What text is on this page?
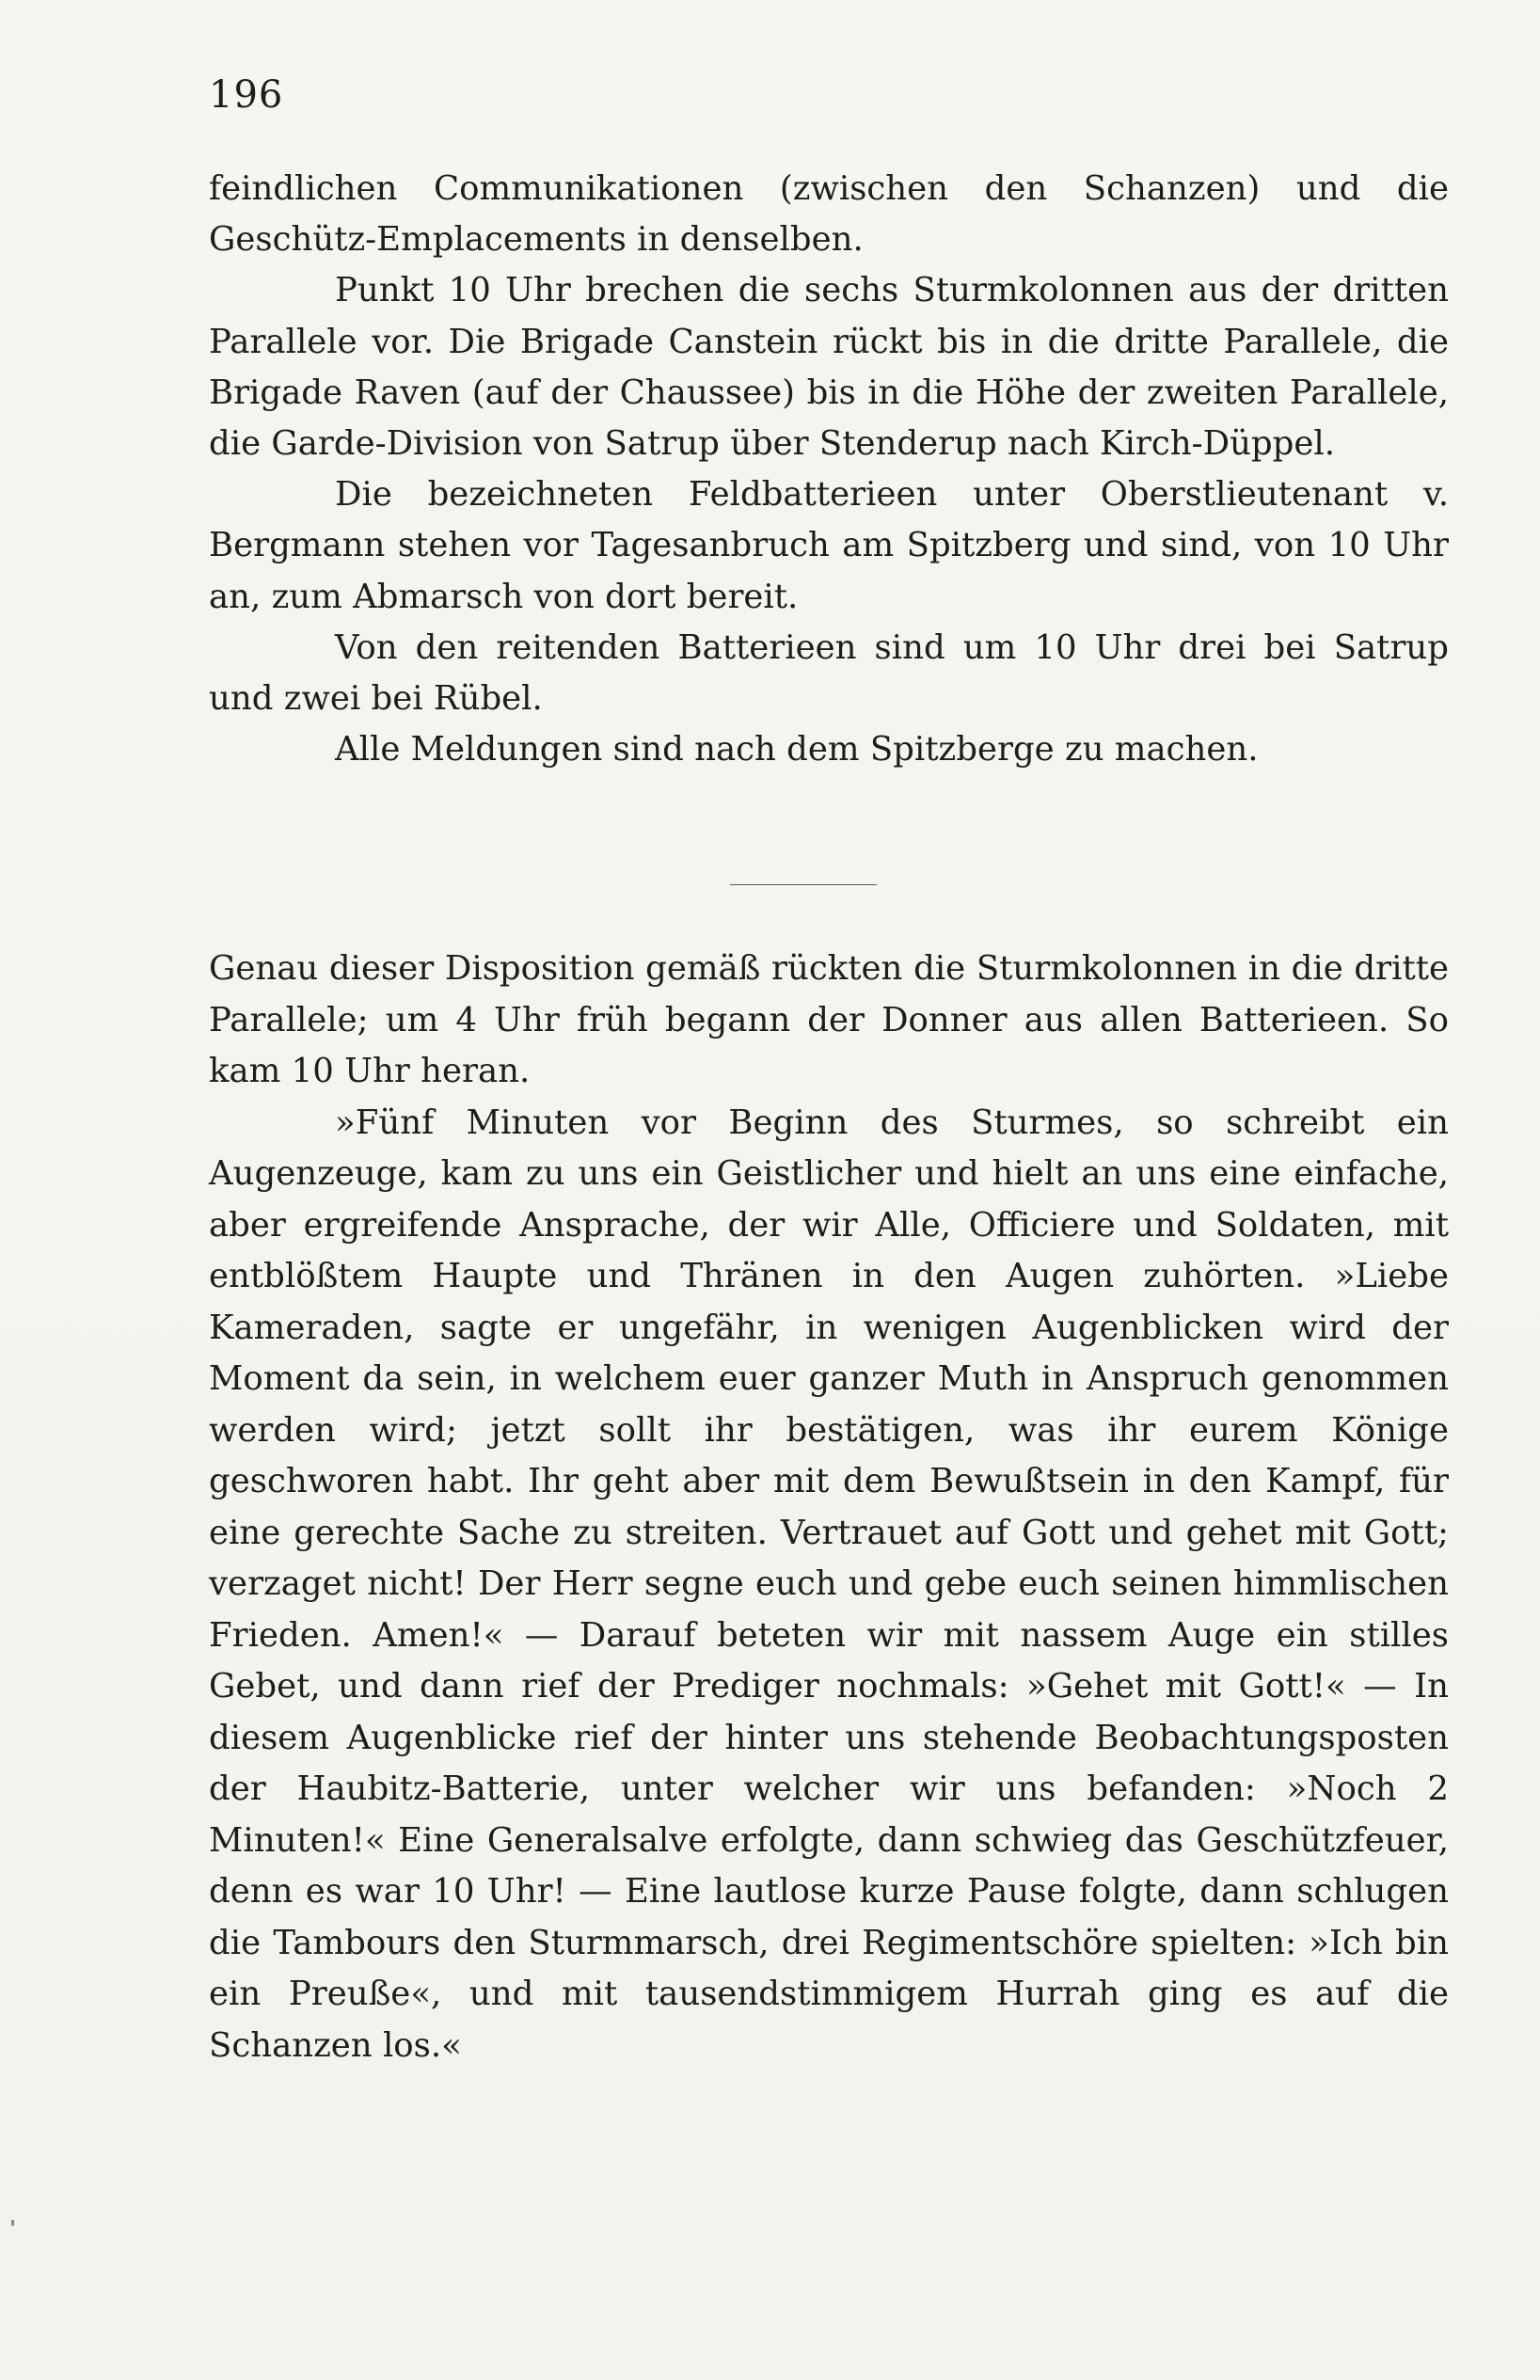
196

feindlichen Communikationen (zwischen den Schanzen) und die Geschütz-Emplacements in denselben.

Punkt 10 Uhr brechen die sechs Sturmkolonnen aus der dritten Parallele vor. Die Brigade Canstein rückt bis in die dritte Parallele, die Brigade Raven (auf der Chaussee) bis in die Höhe der zweiten Parallele, die Garde-Division von Satrup über Stenderup nach Kirch-Düppel.

Die bezeichneten Feldbatterieen unter Oberstlieutenant v. Bergmann stehen vor Tagesanbruch am Spitzberg und sind, von 10 Uhr an, zum Abmarsch von dort bereit.

Von den reitenden Batterieen sind um 10 Uhr drei bei Satrup und zwei bei Rübel.

Alle Meldungen sind nach dem Spitzberge zu machen.

Genau dieser Disposition gemäß rückten die Sturmkolonnen in die dritte Parallele; um 4 Uhr früh begann der Donner aus allen Batterieen. So kam 10 Uhr heran.

»Fünf Minuten vor Beginn des Sturmes, so schreibt ein Augenzeuge, kam zu uns ein Geistlicher und hielt an uns eine einfache, aber ergreifende Ansprache, der wir Alle, Officiere und Soldaten, mit entblößtem Haupte und Thränen in den Augen zuhörten. »Liebe Kameraden, sagte er ungefähr, in wenigen Augenblicken wird der Moment da sein, in welchem euer ganzer Muth in Anspruch genommen werden wird; jetzt sollt ihr bestätigen, was ihr eurem Könige geschworen habt. Ihr geht aber mit dem Bewußtsein in den Kampf, für eine gerechte Sache zu streiten. Vertrauet auf Gott und gehet mit Gott; verzaget nicht! Der Herr segne euch und gebe euch seinen himmlischen Frieden. Amen!« — Darauf beteten wir mit nassem Auge ein stilles Gebet, und dann rief der Prediger nochmals: »Gehet mit Gott!« — In diesem Augenblicke rief der hinter uns stehende Beobachtungsposten der Haubitz-Batterie, unter welcher wir uns befanden: »Noch 2 Minuten!« Eine Generalsalve erfolgte, dann schwieg das Geschützfeuer, denn es war 10 Uhr! — Eine lautlose kurze Pause folgte, dann schlugen die Tambours den Sturmmarsch, drei Regimentschöre spielten: »Ich bin ein Preuße«, und mit tausendstimmigem Hurrah ging es auf die Schanzen los.«
